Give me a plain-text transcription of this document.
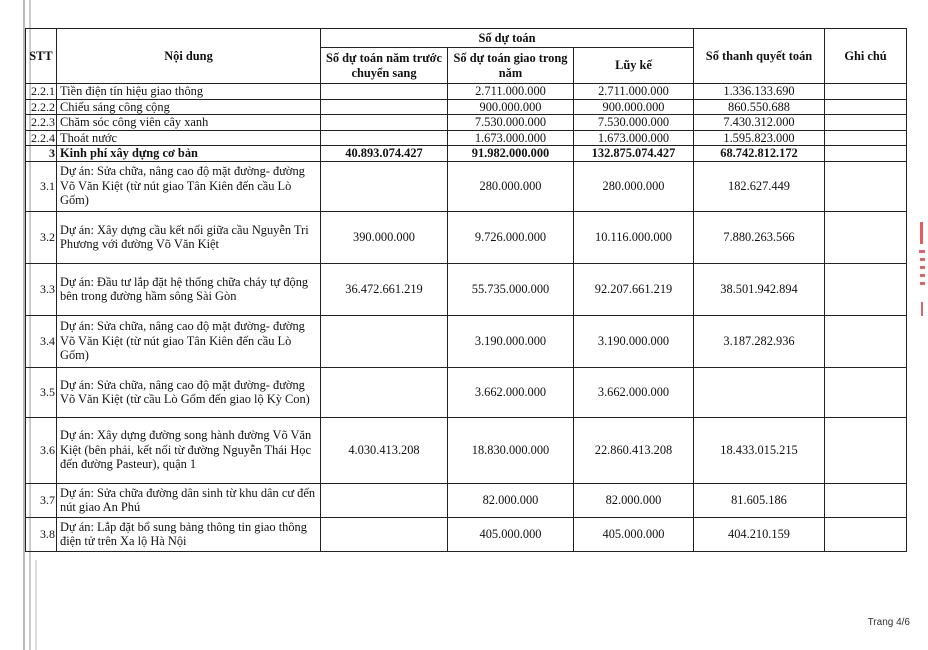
STT	Nội dung	Số dự toán			Số thanh quyết toán	Ghi chú
		Số dự toán năm trước chuyển sang	Số dự toán giao trong năm	Lũy kế		
2.2.1	Tiền điện tín hiệu giao thông		2.711.000.000	2.711.000.000	1.336.133.690	
2.2.2	Chiếu sáng công cộng		900.000.000	900.000.000	860.550.688	
2.2.3	Chăm sóc công viên cây xanh		7.530.000.000	7.530.000.000	7.430.312.000	
2.2.4	Thoát nước		1.673.000.000	1.673.000.000	1.595.823.000	
3	Kinh phí xây dựng cơ bản	40.893.074.427	91.982.000.000	132.875.074.427	68.742.812.172	
3.1	Dự án: Sửa chữa, nâng cao độ mặt đường- đường Võ Văn Kiệt (từ nút giao Tân Kiên đến cầu Lò Gốm)		280.000.000	280.000.000	182.627.449	
3.2	Dự án: Xây dựng cầu kết nối giữa cầu Nguyễn Tri Phương với đường Võ Văn Kiệt	390.000.000	9.726.000.000	10.116.000.000	7.880.263.566	
3.3	Dự án: Đầu tư lắp đặt hệ thống chữa cháy tự động bên trong đường hầm sông Sài Gòn	36.472.661.219	55.735.000.000	92.207.661.219	38.501.942.894	
3.4	Dự án: Sửa chữa, nâng cao độ mặt đường- đường Võ Văn Kiệt (từ nút giao Tân Kiên đến cầu Lò Gốm)		3.190.000.000	3.190.000.000	3.187.282.936	
3.5	Dự án: Sửa chữa, nâng cao độ mặt đường- đường Võ Văn Kiệt (từ cầu Lò Gốm đến giao lộ Kỳ Con)		3.662.000.000	3.662.000.000		
3.6	Dự án: Xây dựng đường song hành đường Võ Văn Kiệt (bên phải, kết nối từ đường Nguyễn Thái Học đến đường Pasteur), quận 1	4.030.413.208	18.830.000.000	22.860.413.208	18.433.015.215	
3.7	Dự án: Sửa chữa đường dân sinh từ khu dân cư đến nút giao An Phú		82.000.000	82.000.000	81.605.186	
3.8	Dự án: Lắp đặt bổ sung bảng thông tin giao thông điện tử trên Xa lộ Hà Nội		405.000.000	405.000.000	404.210.159	
Trang 4/6
